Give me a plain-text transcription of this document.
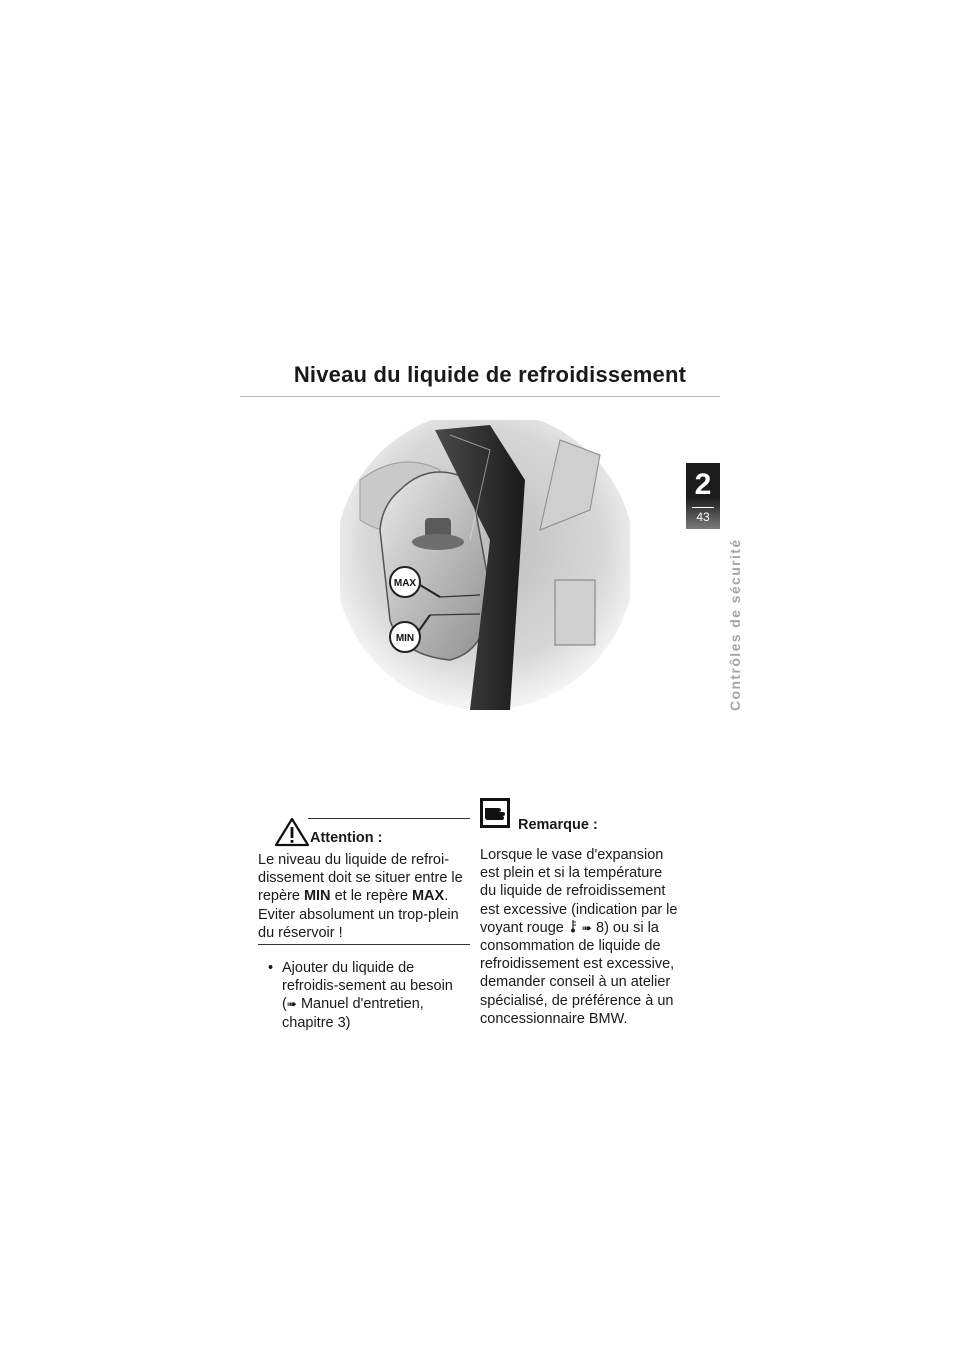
Niveau du liquide de refroidissement
2
43
Contrôles de sécurité
MAX
MIN
Attention :

Le niveau du liquide de refroi-dissement doit se situer entre le repère MIN et le repère MAX. Eviter absolument un trop-plein du réservoir !

• Ajouter du liquide de refroidis-sement au besoin (➠ Manuel d'entretien, chapitre 3)

Remarque :

Lorsque le vase d'expansion est plein et si la température du liquide de refroidissement est excessive (indication par le voyant rouge ➠ 8) ou si la consommation de liquide de refroidissement est excessive, demander conseil à un atelier spécialisé, de préférence à un concessionnaire BMW.
